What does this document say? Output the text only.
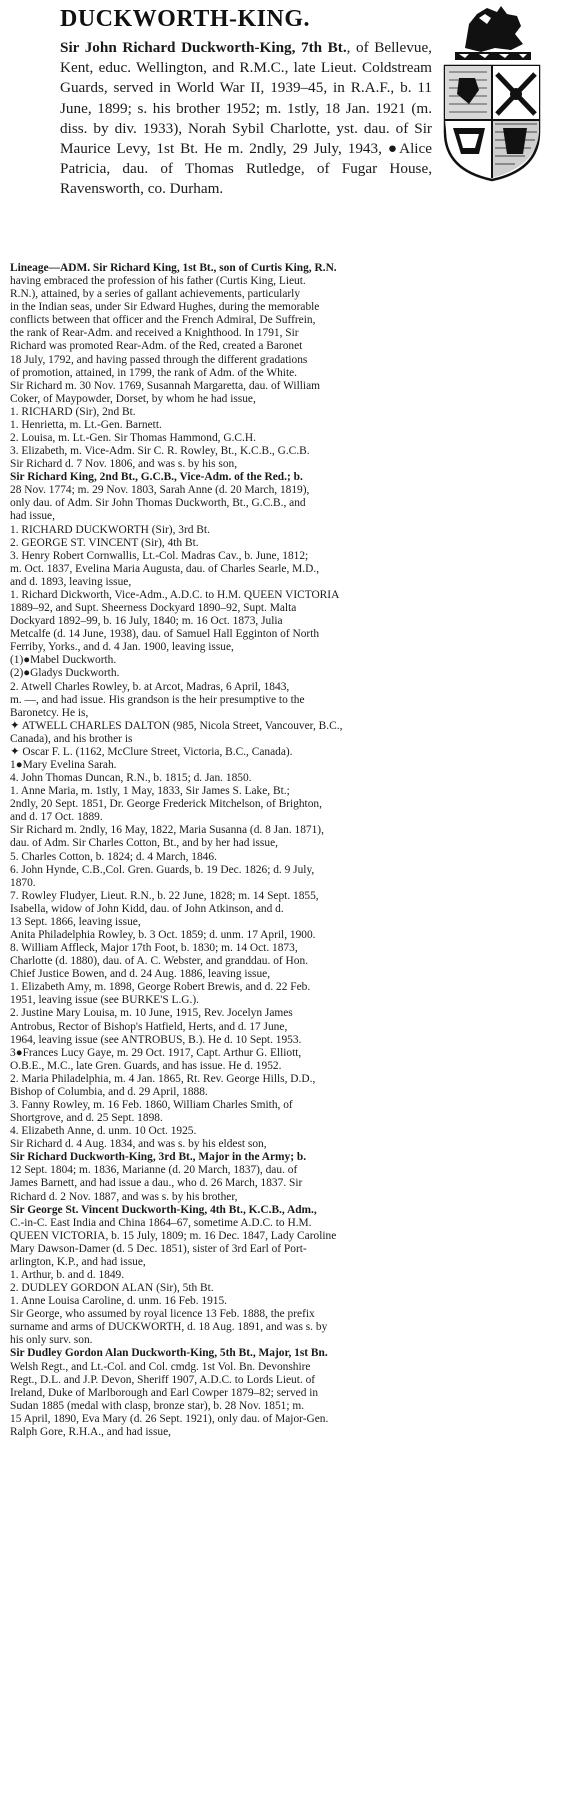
DUCKWORTH-KING.
Sir John Richard Duckworth-King, 7th Bt., of Bellevue, Kent, educ. Wellington, and R.M.C., late Lieut. Coldstream Guards, served in World War II, 1939–45, in R.A.F., b. 11 June, 1899; s. his brother 1952; m. 1stly, 18 Jan. 1921 (m. diss. by div. 1933), Norah Sybil Charlotte, yst. dau. of Sir Maurice Levy, 1st Bt. He m. 2ndly, 29 July, 1943, ●Alice Patricia, dau. of Thomas Rutledge, of Fugar House, Ravensworth, co. Durham.
Lineage—ADM. Sir Richard King, 1st Bt., son of Curtis King, R.N.
having embraced the profession of his father (Curtis King, Lieut.
R.N.), attained, by a series of gallant achievements, particularly
in the Indian seas, under Sir Edward Hughes, during the memorable
conflicts between that officer and the French Admiral, De Suffrein,
the rank of Rear-Adm. and received a Knighthood. In 1791, Sir
Richard was promoted Rear-Adm. of the Red, created a Baronet
18 July, 1792, and having passed through the different gradations
of promotion, attained, in 1799, the rank of Adm. of the White.
Sir Richard m. 30 Nov. 1769, Susannah Margaretta, dau. of William
Coker, of Maypowder, Dorset, by whom he had issue,
1. RICHARD (Sir), 2nd Bt.
1. Henrietta, m. Lt.-Gen. Barnett.
2. Louisa, m. Lt.-Gen. Sir Thomas Hammond, G.C.H.
3. Elizabeth, m. Vice-Adm. Sir C. R. Rowley, Bt., K.C.B., G.C.B.
Sir Richard d. 7 Nov. 1806, and was s. by his son,
Sir Richard King, 2nd Bt., G.C.B., Vice-Adm. of the Red.; b.
28 Nov. 1774; m. 29 Nov. 1803, Sarah Anne (d. 20 March, 1819),
only dau. of Adm. Sir John Thomas Duckworth, Bt., G.C.B., and
had issue,
1. RICHARD DUCKWORTH (Sir), 3rd Bt.
2. GEORGE ST. VINCENT (Sir), 4th Bt.
3. Henry Robert Cornwallis, Lt.-Col. Madras Cav., b. June, 1812;
m. Oct. 1837, Evelina Maria Augusta, dau. of Charles Searle, M.D.,
and d. 1893, leaving issue,
1. Richard Dickworth, Vice-Adm., A.D.C. to H.M. QUEEN VICTORIA
1889–92, and Supt. Sheerness Dockyard 1890–92, Supt. Malta
Dockyard 1892–99, b. 16 July, 1840; m. 16 Oct. 1873, Julia
Metcalfe (d. 14 June, 1938), dau. of Samuel Hall Egginton of North
Ferriby, Yorks., and d. 4 Jan. 1900, leaving issue,
(1)●Mabel Duckworth.
(2)●Gladys Duckworth.
2. Atwell Charles Rowley, b. at Arcot, Madras, 6 April, 1843,
m. —, and had issue. His grandson is the heir presumptive to the
Baronetcy. He is,
✦ ATWELL CHARLES DALTON (985, Nicola Street, Vancouver, B.C.,
Canada), and his brother is
✦ Oscar F. L. (1162, McClure Street, Victoria, B.C., Canada).
1●Mary Evelina Sarah.
4. John Thomas Duncan, R.N., b. 1815; d. Jan. 1850.
1. Anne Maria, m. 1stly, 1 May, 1833, Sir James S. Lake, Bt.;
2ndly, 20 Sept. 1851, Dr. George Frederick Mitchelson, of Brighton,
and d. 17 Oct. 1889.
Sir Richard m. 2ndly, 16 May, 1822, Maria Susanna (d. 8 Jan. 1871),
dau. of Adm. Sir Charles Cotton, Bt., and by her had issue,
5. Charles Cotton, b. 1824; d. 4 March, 1846.
6. John Hynde, C.B.,Col. Gren. Guards, b. 19 Dec. 1826; d. 9 July,
1870.
7. Rowley Fludyer, Lieut. R.N., b. 22 June, 1828; m. 14 Sept. 1855,
Isabella, widow of John Kidd, dau. of John Atkinson, and d.
13 Sept. 1866, leaving issue,
Anita Philadelphia Rowley, b. 3 Oct. 1859; d. unm. 17 April, 1900.
8. William Affleck, Major 17th Foot, b. 1830; m. 14 Oct. 1873,
Charlotte (d. 1880), dau. of A. C. Webster, and granddau. of Hon.
Chief Justice Bowen, and d. 24 Aug. 1886, leaving issue,
1. Elizabeth Amy, m. 1898, George Robert Brewis, and d. 22 Feb.
1951, leaving issue (see BURKE'S L.G.).
2. Justine Mary Louisa, m. 10 June, 1915, Rev. Jocelyn James
Antrobus, Rector of Bishop's Hatfield, Herts, and d. 17 June,
1964, leaving issue (see ANTROBUS, B.). He d. 10 Sept. 1953.
3●Frances Lucy Gaye, m. 29 Oct. 1917, Capt. Arthur G. Elliott,
O.B.E., M.C., late Gren. Guards, and has issue. He d. 1952.
2. Maria Philadelphia, m. 4 Jan. 1865, Rt. Rev. George Hills, D.D.,
Bishop of Columbia, and d. 29 April, 1888.
3. Fanny Rowley, m. 16 Feb. 1860, William Charles Smith, of
Shortgrove, and d. 25 Sept. 1898.
4. Elizabeth Anne, d. unm. 10 Oct. 1925.
Sir Richard d. 4 Aug. 1834, and was s. by his eldest son,
Sir Richard Duckworth-King, 3rd Bt., Major in the Army; b.
12 Sept. 1804; m. 1836, Marianne (d. 20 March, 1837), dau. of
James Barnett, and had issue a dau., who d. 26 March, 1837. Sir
Richard d. 2 Nov. 1887, and was s. by his brother,
Sir George St. Vincent Duckworth-King, 4th Bt., K.C.B., Adm.,
C.-in-C. East India and China 1864–67, sometime A.D.C. to H.M.
QUEEN VICTORIA, b. 15 July, 1809; m. 16 Dec. 1847, Lady Caroline
Mary Dawson-Damer (d. 5 Dec. 1851), sister of 3rd Earl of Port-
arlington, K.P., and had issue,
1. Arthur, b. and d. 1849.
2. DUDLEY GORDON ALAN (Sir), 5th Bt.
1. Anne Louisa Caroline, d. unm. 16 Feb. 1915.
Sir George, who assumed by royal licence 13 Feb. 1888, the prefix
surname and arms of DUCKWORTH, d. 18 Aug. 1891, and was s. by
his only surv. son.
Sir Dudley Gordon Alan Duckworth-King, 5th Bt., Major, 1st Bn.
Welsh Regt., and Lt.-Col. and Col. cmdg. 1st Vol. Bn. Devonshire
Regt., D.L. and J.P. Devon, Sheriff 1907, A.D.C. to Lords Lieut. of
Ireland, Duke of Marlborough and Earl Cowper 1879–82; served in
Sudan 1885 (medal with clasp, bronze star), b. 28 Nov. 1851; m.
15 April, 1890, Eva Mary (d. 26 Sept. 1921), only dau. of Major-Gen.
Ralph Gore, R.H.A., and had issue,
